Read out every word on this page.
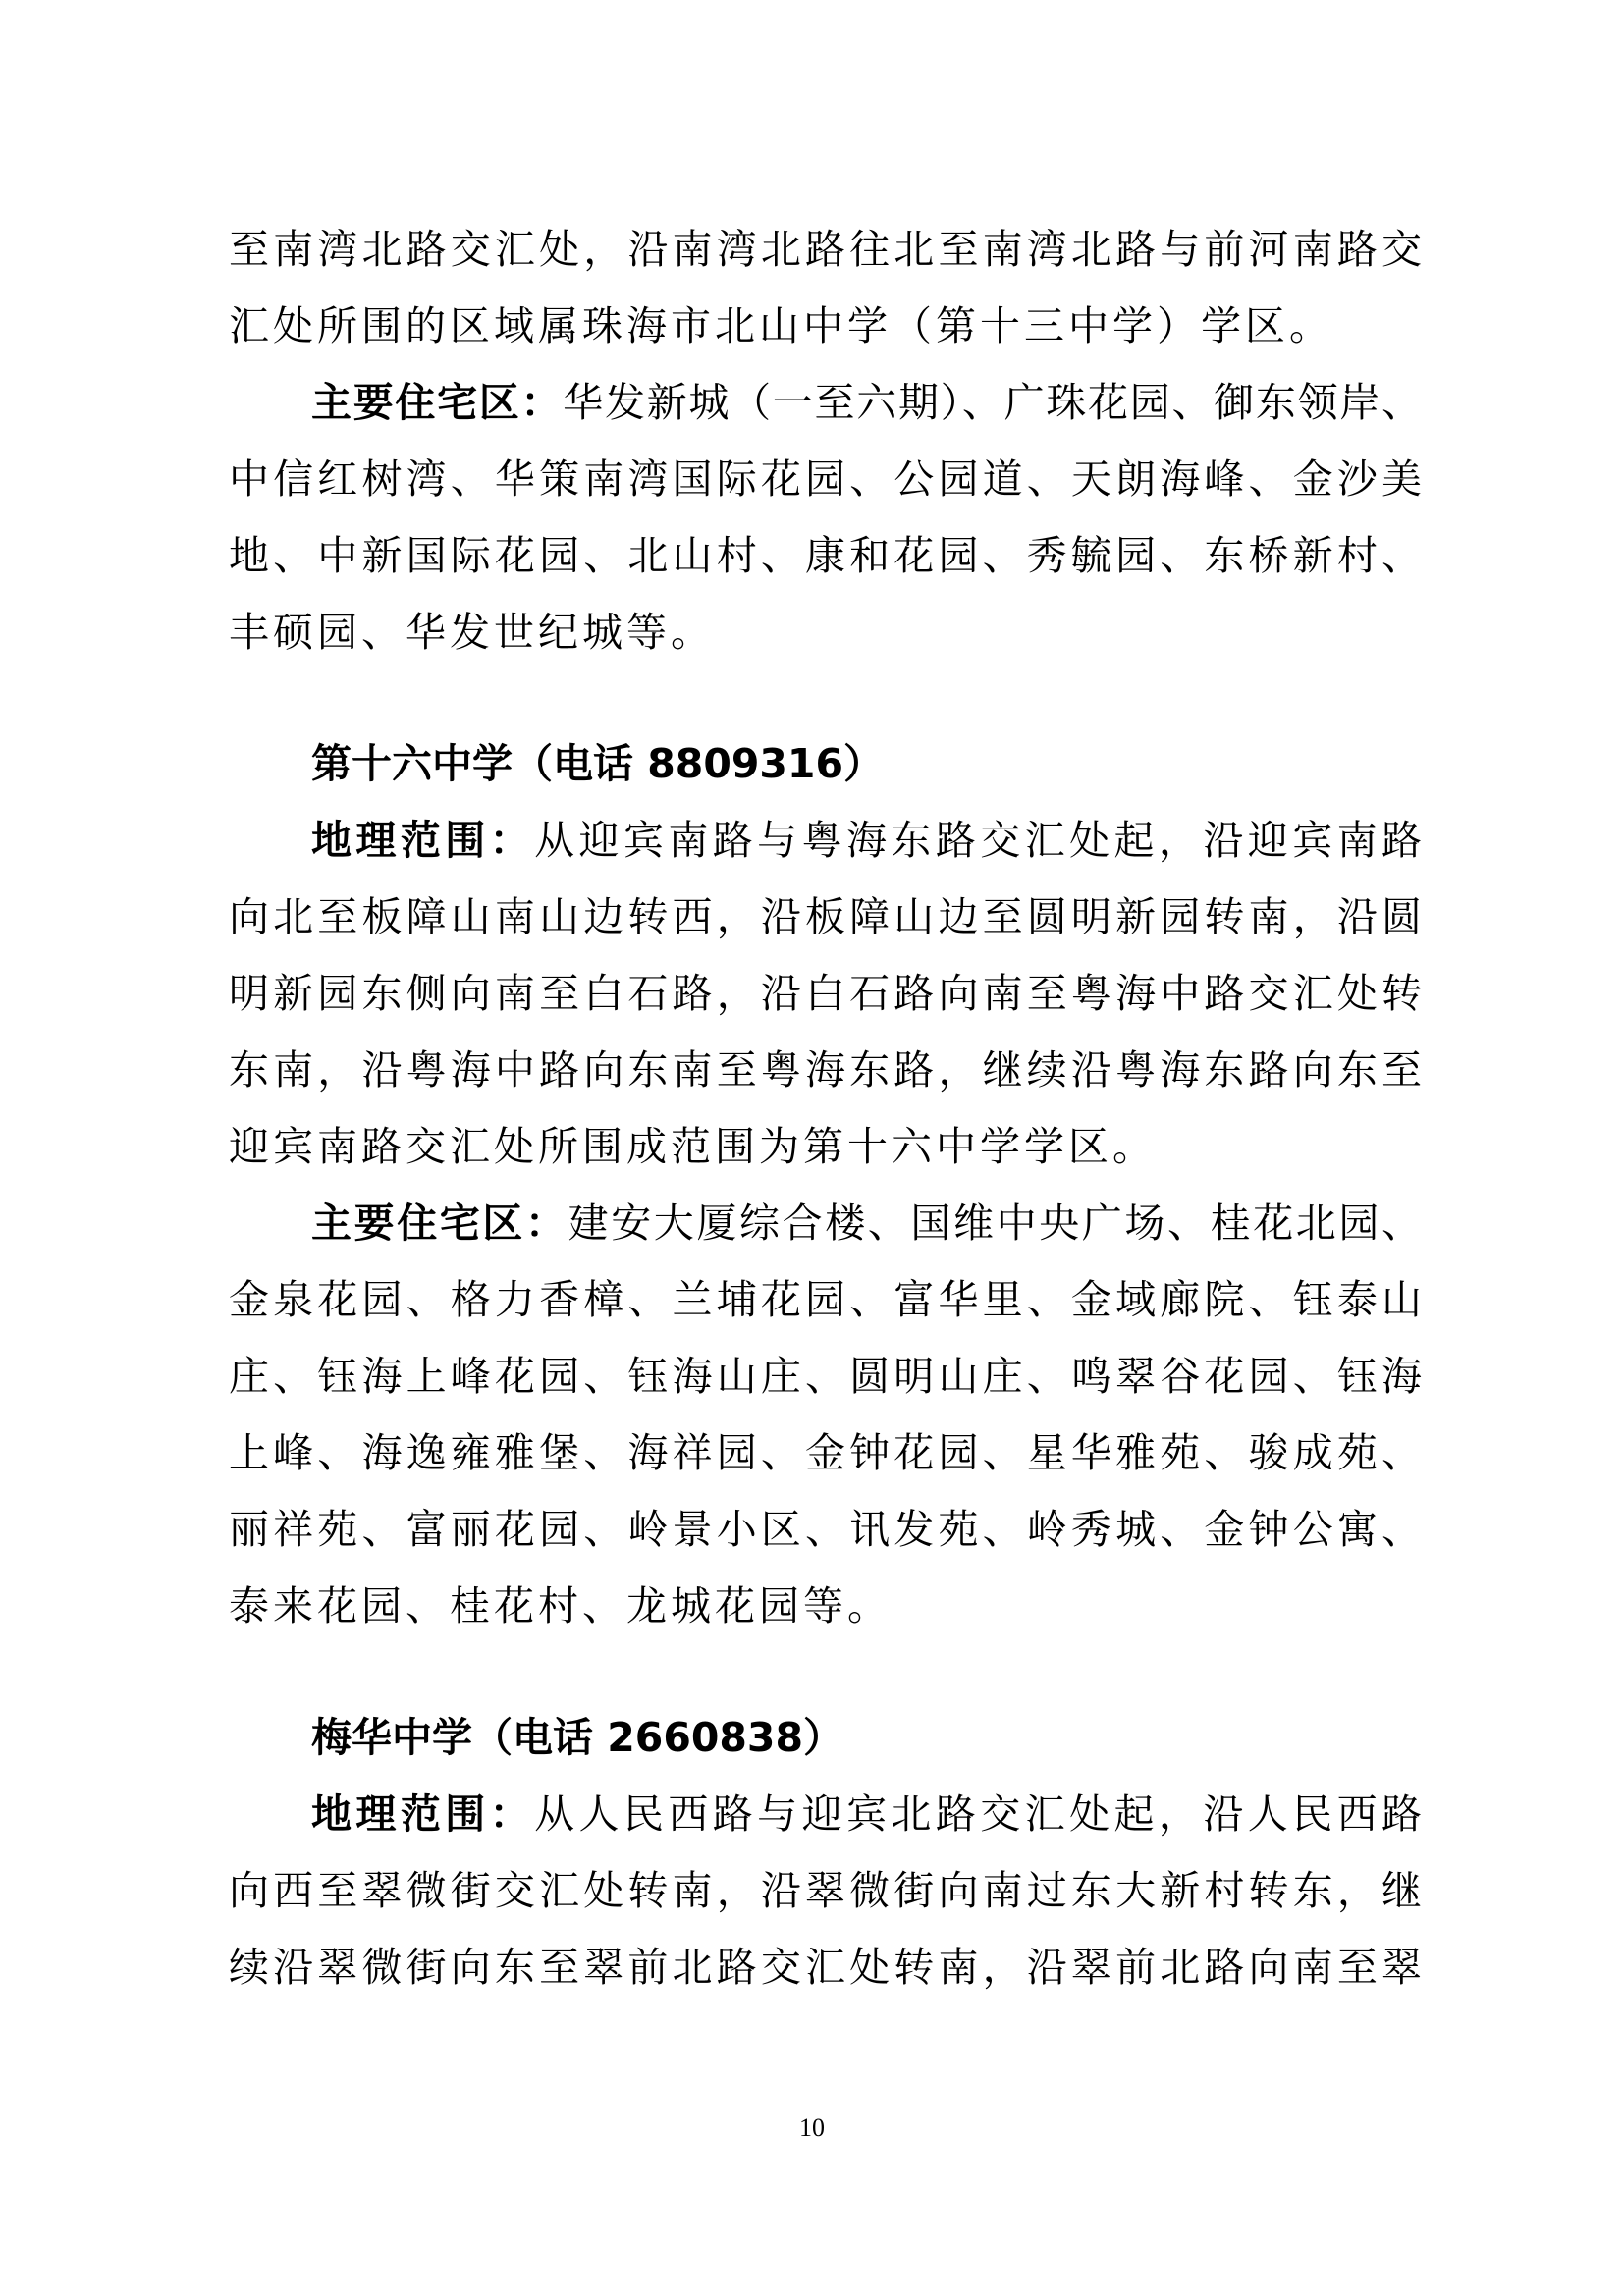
至南湾北路交汇处，沿南湾北路往北至南湾北路与前河南路交
汇处所围的区域属珠海市北山中学（第十三中学）学区。
主要住宅区：华发新城（一至六期）、广珠花园、御东领岸、
中信红树湾、华策南湾国际花园、公园道、天朗海峰、金沙美
地、中新国际花园、北山村、康和花园、秀毓园、东桥新村、
丰硕园、华发世纪城等。
第十六中学（电话 8809316）
地理范围：从迎宾南路与粤海东路交汇处起，沿迎宾南路
向北至板障山南山边转西，沿板障山边至圆明新园转南，沿圆
明新园东侧向南至白石路，沿白石路向南至粤海中路交汇处转
东南，沿粤海中路向东南至粤海东路，继续沿粤海东路向东至
迎宾南路交汇处所围成范围为第十六中学学区。
主要住宅区：建安大厦综合楼、国维中央广场、桂花北园、
金泉花园、格力香樟、兰埔花园、富华里、金域廊院、钰泰山
庄、钰海上峰花园、钰海山庄、圆明山庄、鸣翠谷花园、钰海
上峰、海逸雍雅堡、海祥园、金钟花园、星华雅苑、骏成苑、
丽祥苑、富丽花园、岭景小区、讯发苑、岭秀城、金钟公寓、
泰来花园、桂花村、龙城花园等。
梅华中学（电话 2660838）
地理范围：从人民西路与迎宾北路交汇处起，沿人民西路
向西至翠微街交汇处转南，沿翠微街向南过东大新村转东，继
续沿翠微街向东至翠前北路交汇处转南，沿翠前北路向南至翠
10
